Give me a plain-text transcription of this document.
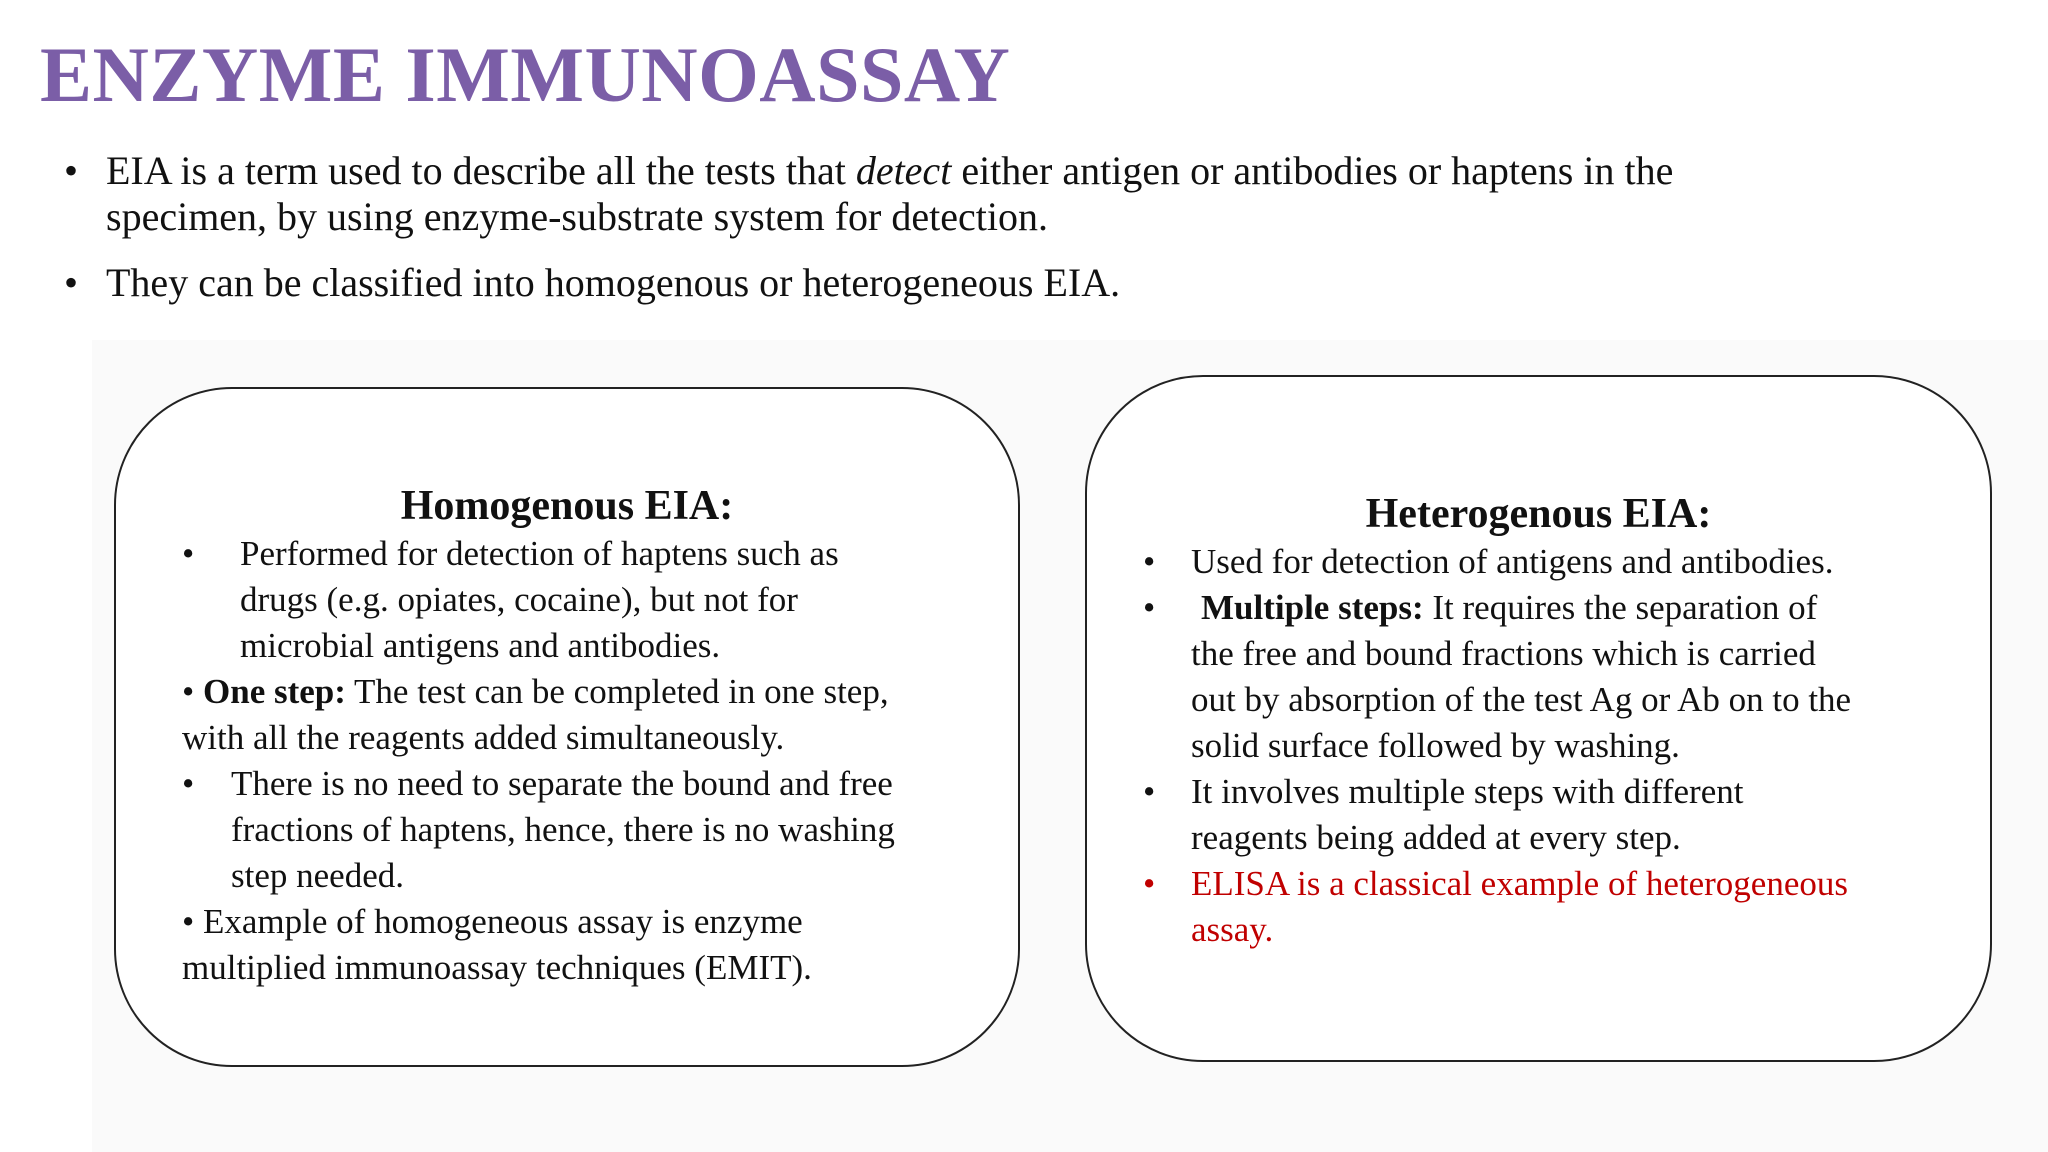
ENZYME IMMUNOASSAY
• EIA is a term used to describe all the tests that detect either antigen or antibodies or haptens in the
specimen, by using enzyme-substrate system for detection.
• They can be classified into homogenous or heterogeneous EIA.
Homogenous EIA:
• Performed for detection of haptens such as
drugs (e.g. opiates, cocaine), but not for
microbial antigens and antibodies.
• One step: The test can be completed in one step,
with all the reagents added simultaneously.
• There is no need to separate the bound and free
fractions of haptens, hence, there is no washing
step needed.
• Example of homogeneous assay is enzyme
multiplied immunoassay techniques (EMIT).
Heterogenous EIA:
• Used for detection of antigens and antibodies.
• Multiple steps: It requires the separation of
the free and bound fractions which is carried
out by absorption of the test Ag or Ab on to the
solid surface followed by washing.
• It involves multiple steps with different
reagents being added at every step.
• ELISA is a classical example of heterogeneous
assay.
